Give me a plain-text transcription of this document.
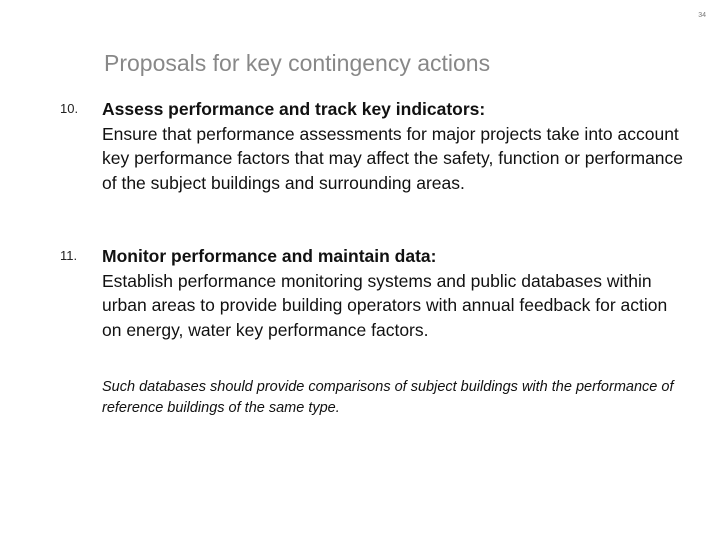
34
Proposals for key contingency actions
10. Assess performance and track key indicators:
Ensure that performance assessments for major projects take into account key performance factors that may affect the safety, function or performance of the subject buildings and surrounding areas.
11. Monitor performance and maintain data:
Establish performance monitoring systems and public databases within urban areas to provide building operators with annual feedback for action on energy, water key performance factors.
Such databases should provide comparisons of subject buildings with the performance of reference buildings of the same type.
